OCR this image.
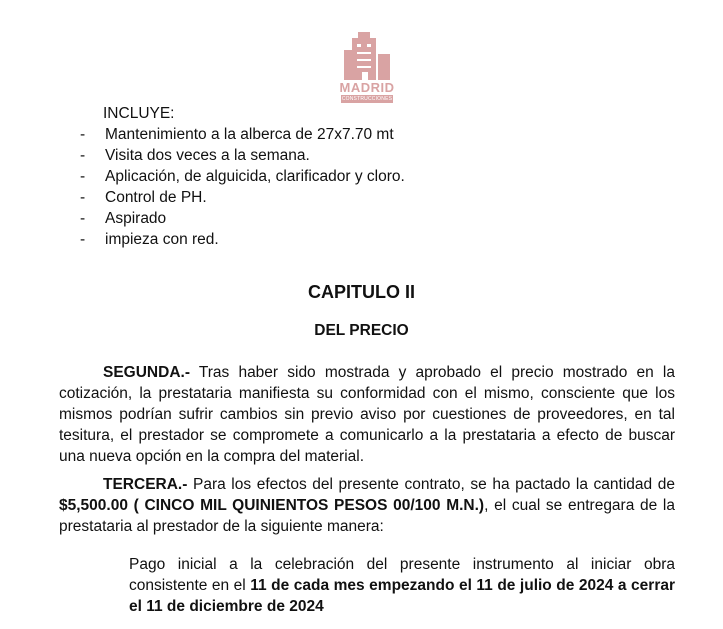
MADRID
CONSTRUCCIONES
INCLUYE:
- Mantenimiento a la alberca de 27x7.70 mt
- Visita dos veces a la semana.
- Aplicación, de alguicida, clarificador y cloro.
- Control de PH.
- Aspirado
- impieza con red.
CAPITULO II
DEL PRECIO

SEGUNDA.- Tras haber sido mostrada y aprobado el precio mostrado en la cotización, la prestataria manifiesta su conformidad con el mismo, consciente que los mismos podrían sufrir cambios sin previo aviso por cuestiones de proveedores, en tal tesitura, el prestador se compromete a comunicarlo a la prestataria a efecto de buscar una nueva opción en la compra del material.

TERCERA.- Para los efectos del presente contrato, se ha pactado la cantidad de $5,500.00 ( CINCO MIL QUINIENTOS PESOS 00/100 M.N.), el cual se entregara de la prestataria al prestador de la siguiente manera:

Pago inicial a la celebración del presente instrumento al iniciar obra consistente en el 11 de cada mes empezando el 11 de julio de 2024 a cerrar el 11 de diciembre de 2024
